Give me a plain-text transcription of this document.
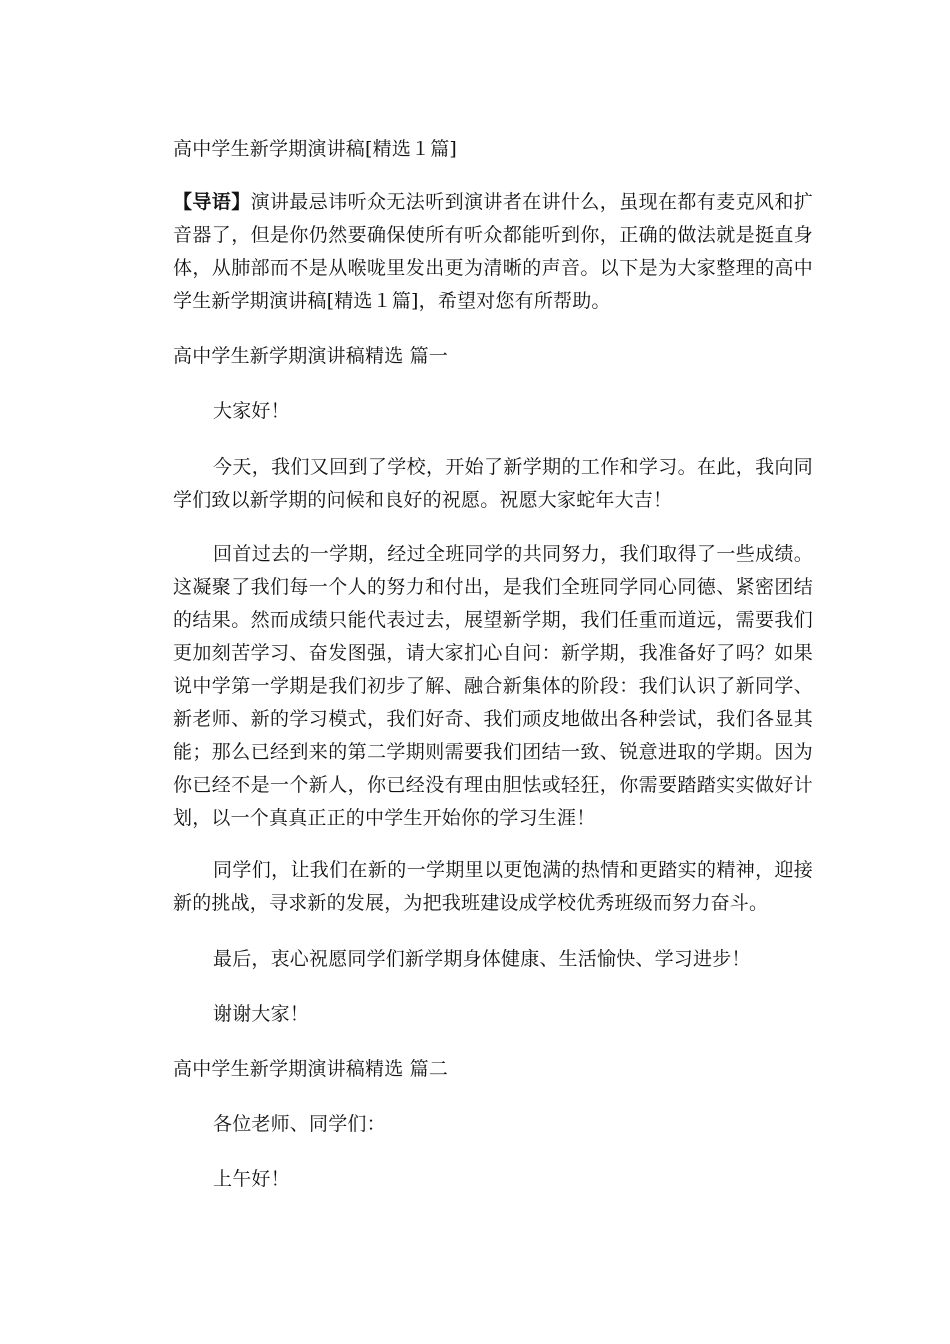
高中学生新学期演讲稿[精选１篇]
【导语】演讲最忌讳听众无法听到演讲者在讲什么，虽现在都有麦克风和扩音器了，但是你仍然要确保使所有听众都能听到你，正确的做法就是挺直身体，从肺部而不是从喉咙里发出更为清晰的声音。以下是为大家整理的高中学生新学期演讲稿[精选１篇]，希望对您有所帮助。
高中学生新学期演讲稿精选 篇一
大家好！
今天，我们又回到了学校，开始了新学期的工作和学习。在此，我向同学们致以新学期的问候和良好的祝愿。祝愿大家蛇年大吉！
回首过去的一学期，经过全班同学的共同努力，我们取得了一些成绩。这凝聚了我们每一个人的努力和付出，是我们全班同学同心同德、紧密团结的结果。然而成绩只能代表过去，展望新学期，我们任重而道远，需要我们更加刻苦学习、奋发图强，请大家扪心自问：新学期，我准备好了吗？如果说中学第一学期是我们初步了解、融合新集体的阶段：我们认识了新同学、新老师、新的学习模式，我们好奇、我们顽皮地做出各种尝试，我们各显其能；那么已经到来的第二学期则需要我们团结一致、锐意进取的学期。因为你已经不是一个新人，你已经没有理由胆怯或轻狂，你需要踏踏实实做好计划，以一个真真正正的中学生开始你的学习生涯！
同学们，让我们在新的一学期里以更饱满的热情和更踏实的精神，迎接新的挑战，寻求新的发展，为把我班建设成学校优秀班级而努力奋斗。
最后，衷心祝愿同学们新学期身体健康、生活愉快、学习进步！
谢谢大家！
高中学生新学期演讲稿精选 篇二
各位老师、同学们：
上午好！
